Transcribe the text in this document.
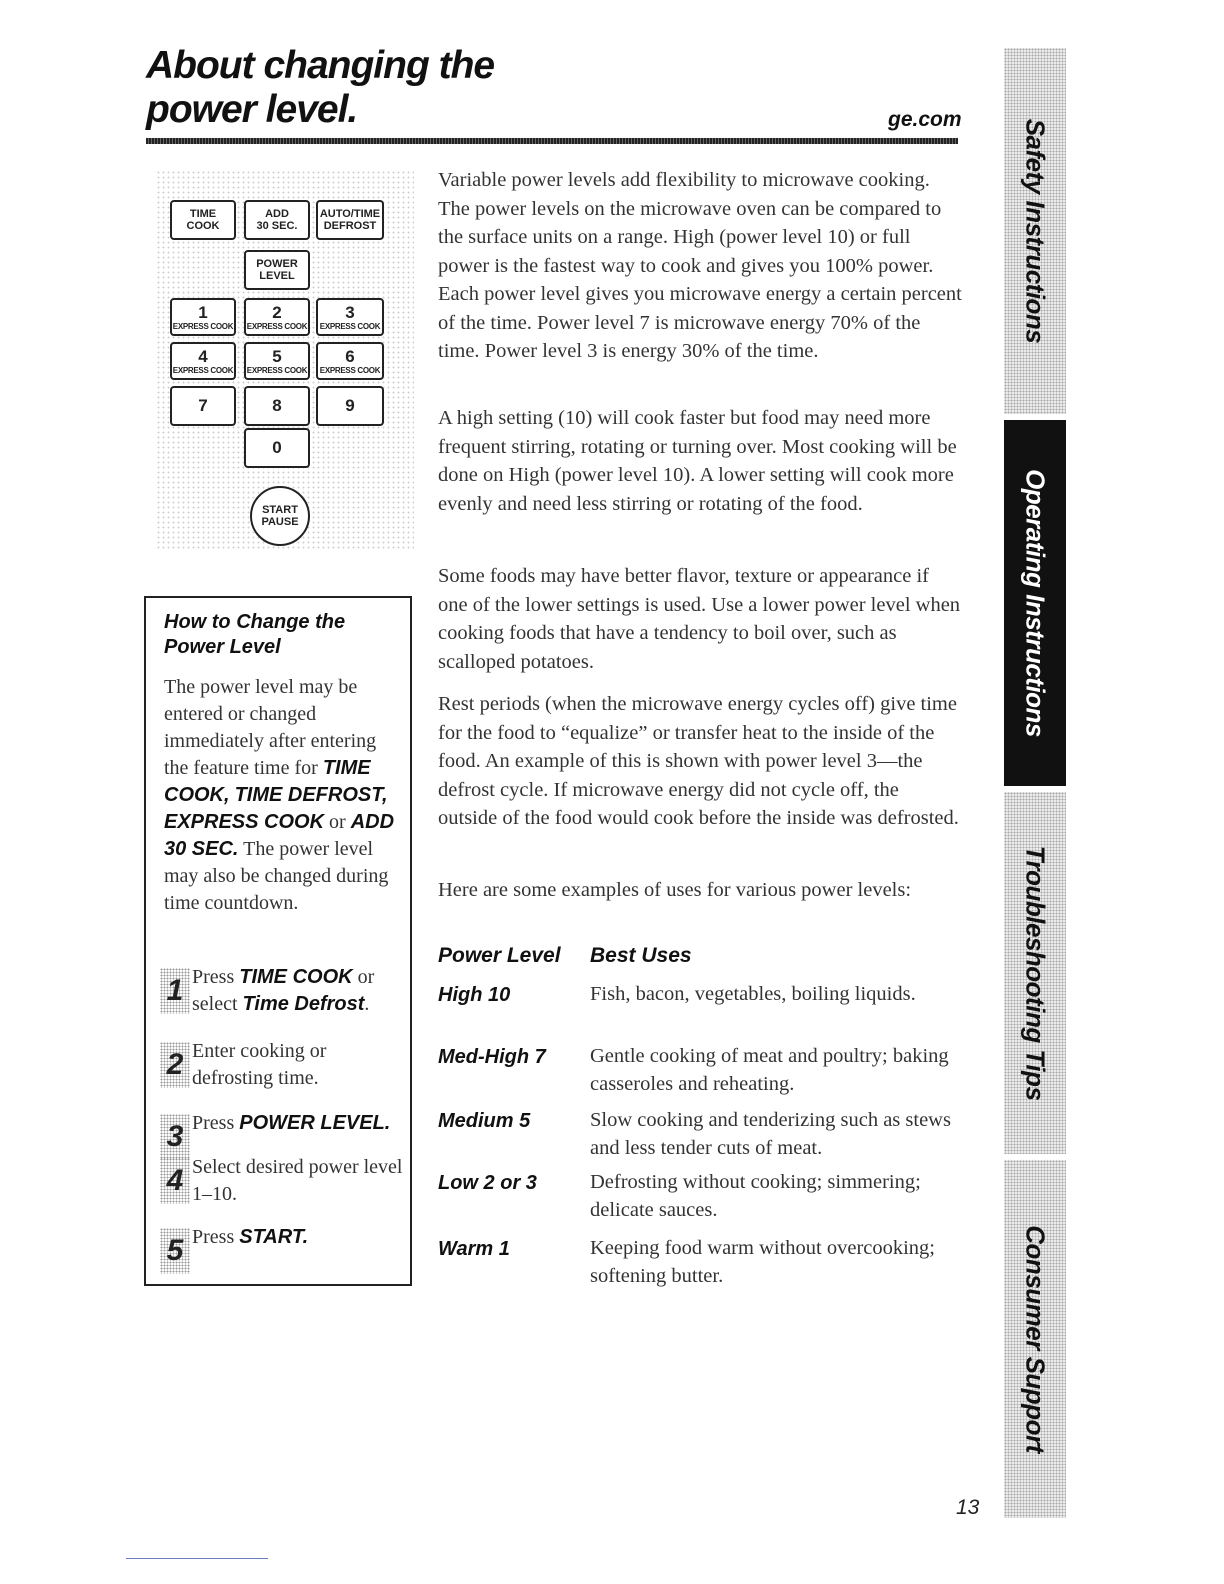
About changing the
power level.	ge.com
TIME
COOK
ADD
30 SEC.
AUTO/TIME
DEFROST
POWER
LEVEL
1
EXPRESS COOK
2
EXPRESS COOK
3
EXPRESS COOK
4
EXPRESS COOK
5
EXPRESS COOK
6
EXPRESS COOK
7	8	9
0
START
PAUSE
How to Change the Power Level
The power level may be entered or changed immediately after entering the feature time for TIME COOK, TIME DEFROST, EXPRESS COOK or ADD 30 SEC. The power level may also be changed during time countdown.
1 Press TIME COOK or select Time Defrost.
2 Enter cooking or defrosting time.
3 Press POWER LEVEL.
4 Select desired power level 1–10.
5 Press START.
Variable power levels add flexibility to microwave cooking. The power levels on the microwave oven can be compared to the surface units on a range. High (power level 10) or full power is the fastest way to cook and gives you 100% power. Each power level gives you microwave energy a certain percent of the time. Power level 7 is microwave energy 70% of the time. Power level 3 is energy 30% of the time.
A high setting (10) will cook faster but food may need more frequent stirring, rotating or turning over. Most cooking will be done on High (power level 10). A lower setting will cook more evenly and need less stirring or rotating of the food.
Some foods may have better flavor, texture or appearance if one of the lower settings is used. Use a lower power level when cooking foods that have a tendency to boil over, such as scalloped potatoes.
Rest periods (when the microwave energy cycles off) give time for the food to “equalize” or transfer heat to the inside of the food. An example of this is shown with power level 3—the defrost cycle. If microwave energy did not cycle off, the outside of the food would cook before the inside was defrosted.
Here are some examples of uses for various power levels:
Power Level Best Uses
High 10	Fish, bacon, vegetables, boiling liquids.
Med-High 7 Gentle cooking of meat and poultry; baking casseroles and reheating.
Medium 5	Slow cooking and tenderizing such as stews and less tender cuts of meat.
Low 2 or 3	Defrosting without cooking; simmering; delicate sauces.
Warm 1	Keeping food warm without overcooking; softening butter.
Safety Instructions
Operating Instructions
Troubleshooting Tips
Consumer Support
13
